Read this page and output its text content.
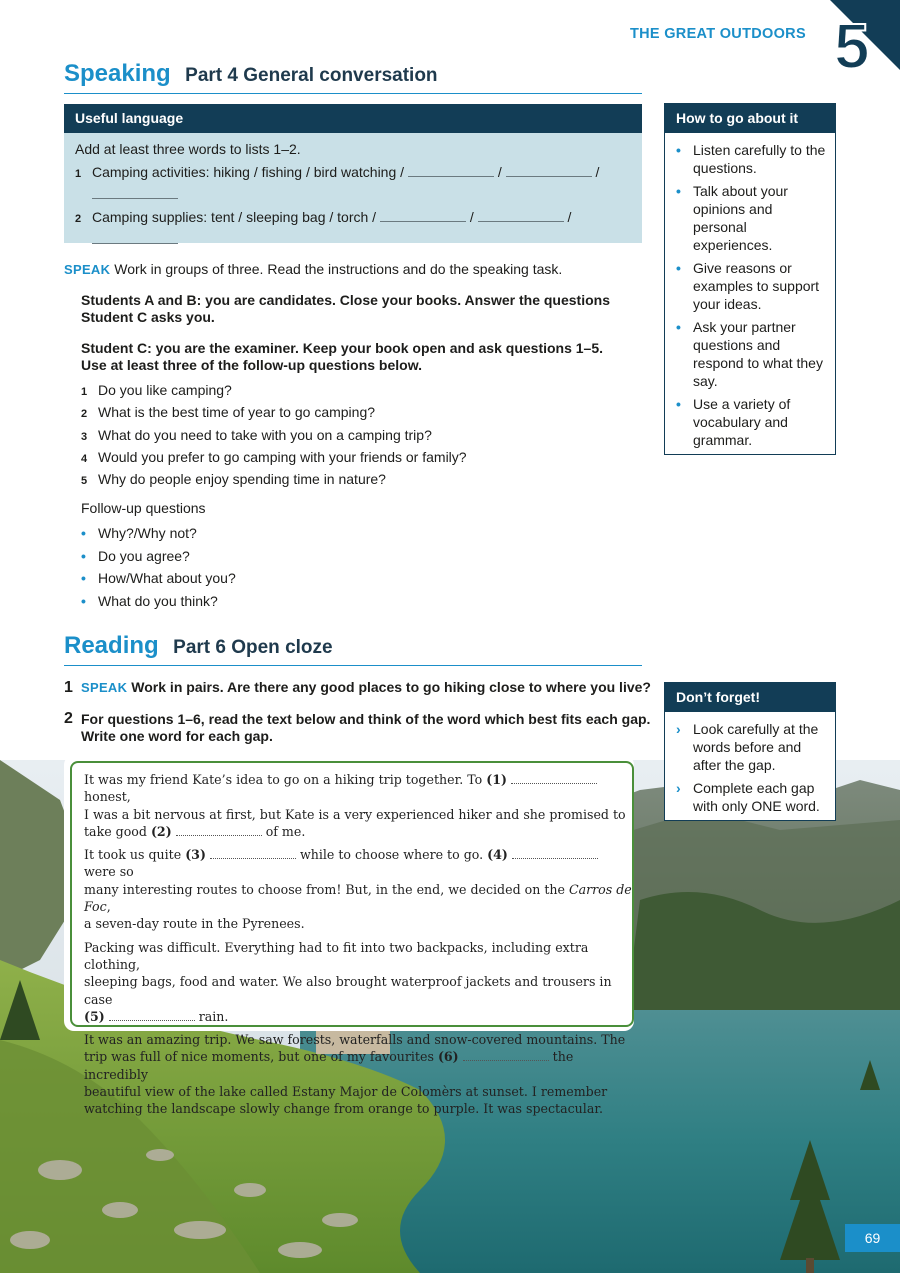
THE GREAT OUTDOORS 5
Speaking Part 4 General conversation
Useful language
Add at least three words to lists 1–2.
1 Camping activities: hiking / fishing / bird watching /	/	/
2 Camping supplies: tent / sleeping bag / torch /	/	/
SPEAK Work in groups of three. Read the instructions and do the speaking task.
Students A and B: you are candidates. Close your books. Answer the questions Student C asks you.
Student C: you are the examiner. Keep your book open and ask questions 1–5. Use at least three of the follow-up questions below.
1 Do you like camping?
2 What is the best time of year to go camping?
3 What do you need to take with you on a camping trip?
4 Would you prefer to go camping with your friends or family?
5 Why do people enjoy spending time in nature?
Follow-up questions
• Why?/Why not?
• Do you agree?
• How/What about you?
• What do you think?
How to go about it
• Listen carefully to the questions.
• Talk about your opinions and personal experiences.
• Give reasons or examples to support your ideas.
• Ask your partner questions and respond to what they say.
• Use a variety of vocabulary and grammar.
Reading Part 6 Open cloze
1 SPEAK Work in pairs. Are there any good places to go hiking close to where you live?
2 For questions 1–6, read the text below and think of the word which best fits each gap. Write one word for each gap.
Don’t forget!
› Look carefully at the words before and after the gap.
› Complete each gap with only ONE word.

It was my friend Kate’s idea to go on a hiking trip together. To (1)  honest,
I was a bit nervous at first, but Kate is a very experienced hiker and she promised to
take good (2)	of me.

It took us quite (3)	while to choose where to go. (4)  were so
many interesting routes to choose from! But, in the end, we decided on the Carros de Foc,
a seven-day route in the Pyrenees.

Packing was difficult. Everything had to fit into two backpacks, including extra clothing,
sleeping bags, food and water. We also brought waterproof jackets and trousers in case
(5)	rain.

It was an amazing trip. We saw forests, waterfalls and snow-covered mountains. The
trip was full of nice moments, but one of my favourites (6)	the incredibly
beautiful view of the lake called Estany Major de Colomèrs at sunset. I remember
watching the landscape slowly change from orange to purple. It was spectacular.

69
